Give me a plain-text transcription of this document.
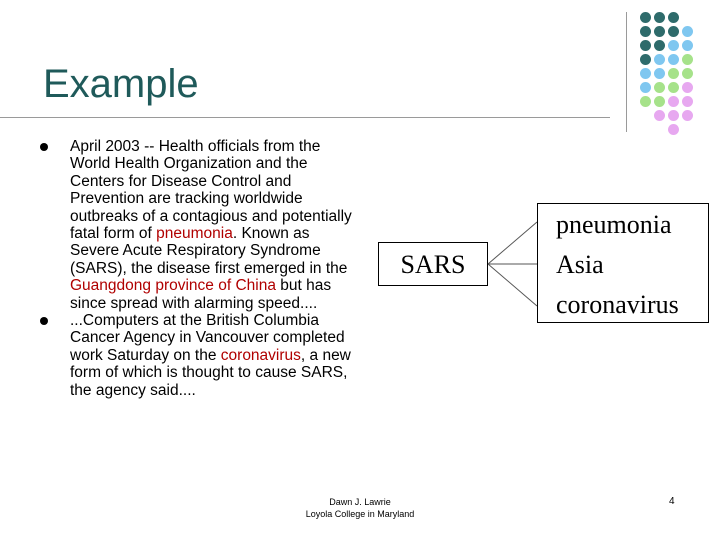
Example
April 2003 -- Health officials from the World Health Organization and the Centers for Disease Control and Prevention are tracking worldwide outbreaks of a contagious and potentially fatal form of pneumonia. Known as Severe Acute Respiratory Syndrome (SARS), the disease first emerged in the Guangdong province of China but has since spread with alarming speed....
...Computers at the British Columbia Cancer Agency in Vancouver completed work Saturday on the coronavirus, a new form of which is thought to cause SARS, the agency said....
SARS
pneumonia
Asia
coronavirus
Dawn J. Lawrie
Loyola College in Maryland
4
